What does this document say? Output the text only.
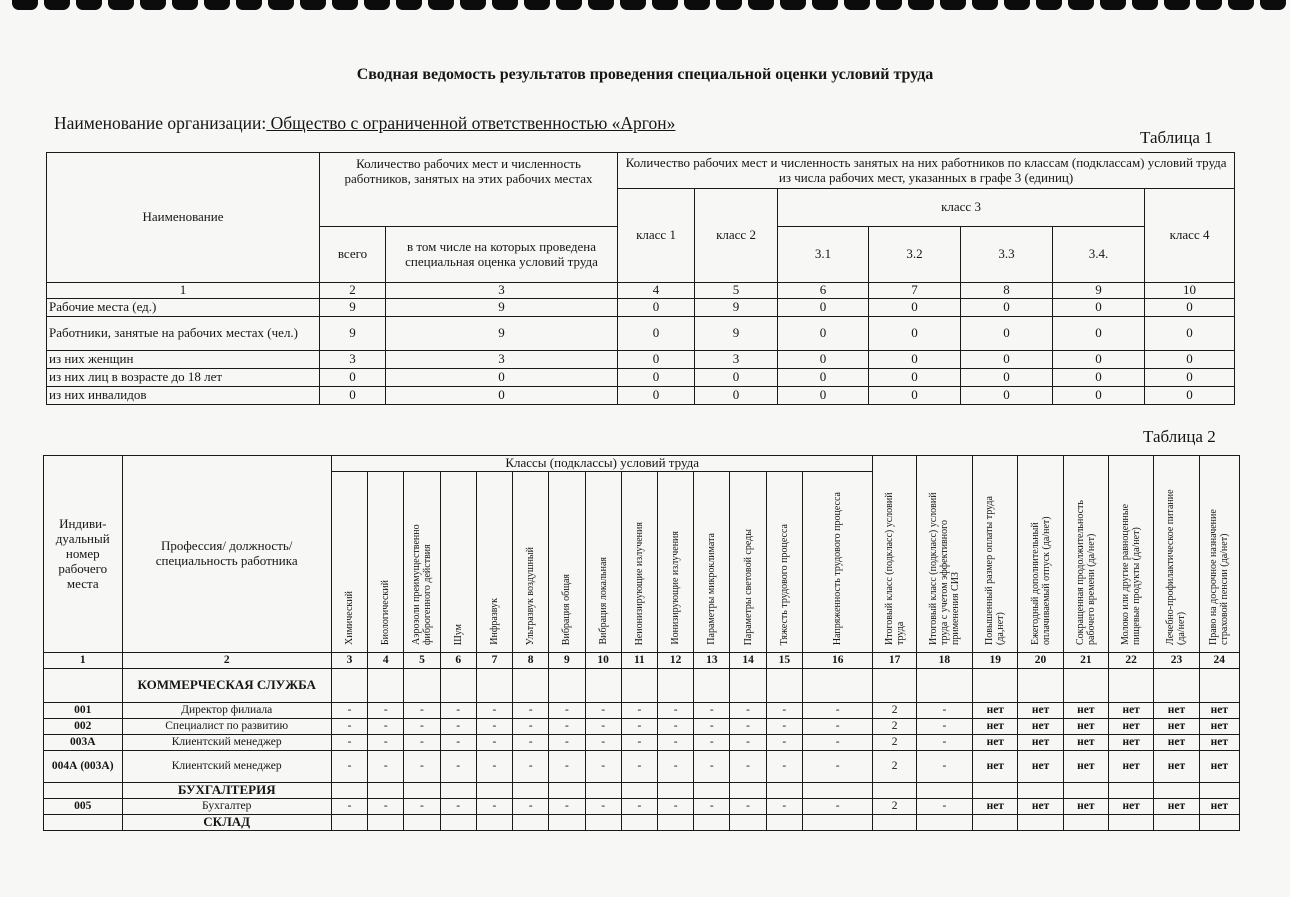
Сводная ведомость результатов проведения специальной оценки условий труда
Наименование организации: Общество с ограниченной ответственностью «Аргон»
Таблица 1
Наименование	Количество рабочих мест и численность работников, занятых на этих рабочих местах		Количество рабочих мест и численность занятых на них работников по классам (подклассам) условий труда из числа рабочих мест, указанных в графе 3 (единиц)						
			класс 1	класс 2	класс 3				класс 4
	всего	в том числе на которых проведена специальная оценка условий труда			3.1	3.2	3.3	3.4.	
1	2	3	4	5	6	7	8	9	10
Рабочие места (ед.)	9	9	0	9	0	0	0	0	0
Работники, занятые на рабочих местах (чел.)	9	9	0	9	0	0	0	0	0
из них женщин	3	3	0	3	0	0	0	0	0
из них лиц в возрасте до 18 лет	0	0	0	0	0	0	0	0	0
из них инвалидов	0	0	0	0	0	0	0	0	0
Таблица 2
Индиви-дуальный номер рабочего места	Профессия/ должность/ специальность работника	Классы (подклассы) условий труда														Итоговый класс (подкласс) условий труда	Итоговый класс (подкласс) условий труда с учетом эффективного применения СИЗ	Повышенный размер оплаты труда (да,нет)	Ежегодный дополнительный оплачиваемый отпуск (да/нет)	Сокращенная продолжительность рабочего времени (да/нет)	Молоко или другие равноценные пищевые продукты (да/нет)	Лечебно-профилактическое питание (да/нет)	Право на досрочное назначение страховой пенсии (да/нет)
		Химический	Биологический	Аэрозоли преимущественно фиброгенного действия	Шум	Инфразвук	Ультразвук воздушный	Вибрация общая	Вибрация локальная	Неионизирующие излучения	Ионизирующие излучения	Параметры микроклимата	Параметры световой среды	Тяжесть трудового процесса	Напряженность трудового процесса								
1	2	3	4	5	6	7	8	9	10	11	12	13	14	15	16	17	18	19	20	21	22	23	24
	КОММЕРЧЕСКАЯ СЛУЖБА																						
001	Директор филиала	-	-	-	-	-	-	-	-	-	-	-	-	-	-	2	-	нет	нет	нет	нет	нет	нет
002	Специалист по развитию	-	-	-	-	-	-	-	-	-	-	-	-	-	-	2	-	нет	нет	нет	нет	нет	нет
003А	Клиентский менеджер	-	-	-	-	-	-	-	-	-	-	-	-	-	-	2	-	нет	нет	нет	нет	нет	нет
004А (003А)	Клиентский менеджер	-	-	-	-	-	-	-	-	-	-	-	-	-	-	2	-	нет	нет	нет	нет	нет	нет
	БУХГАЛТЕРИЯ																						
005	Бухгалтер	-	-	-	-	-	-	-	-	-	-	-	-	-	-	2	-	нет	нет	нет	нет	нет	нет
	СКЛАД																						
